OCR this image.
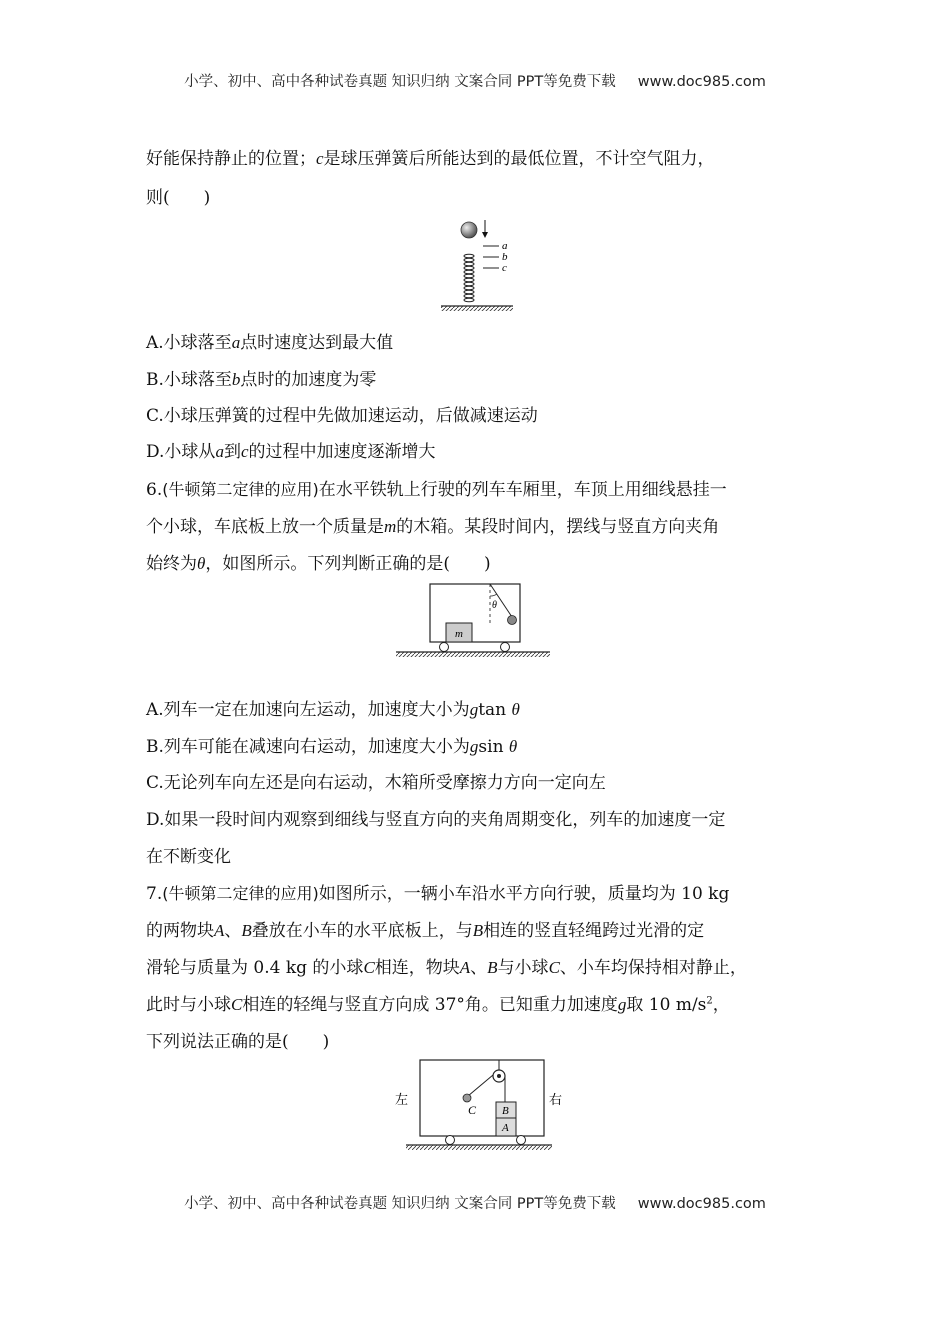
小学、初中、高中各种试卷真题 知识归纳 文案合同 PPT等免费下载 www.doc985.com
好能保持静止的位置；c是球压弹簧后所能达到的最低位置，不计空气阻力，
则(　　)
a
b
c
A.小球落至a点时速度达到最大值
B.小球落至b点时的加速度为零
C.小球压弹簧的过程中先做加速运动，后做减速运动
D.小球从a到c的过程中加速度逐渐增大
6.(牛顿第二定律的应用)在水平铁轨上行驶的列车车厢里，车顶上用细线悬挂一
个小球，车底板上放一个质量是m的木箱。某段时间内，摆线与竖直方向夹角
始终为θ，如图所示。下列判断正确的是(　　)
m
θ
A.列车一定在加速向左运动，加速度大小为gtan θ
B.列车可能在减速向右运动，加速度大小为gsin θ
C.无论列车向左还是向右运动，木箱所受摩擦力方向一定向左
D.如果一段时间内观察到细线与竖直方向的夹角周期变化，列车的加速度一定
在不断变化
7.(牛顿第二定律的应用)如图所示，一辆小车沿水平方向行驶，质量均为 10 kg
的两物块A、B叠放在小车的水平底板上，与B相连的竖直轻绳跨过光滑的定
滑轮与质量为 0.4 kg 的小球C相连，物块A、B与小球C、小车均保持相对静止，
此时与小球C相连的轻绳与竖直方向成 37°角。已知重力加速度g取 10 $m/s^2$，
下列说法正确的是(　　)
左	右
C B
A
小学、初中、高中各种试卷真题 知识归纳 文案合同 PPT等免费下载 www.doc985.com
